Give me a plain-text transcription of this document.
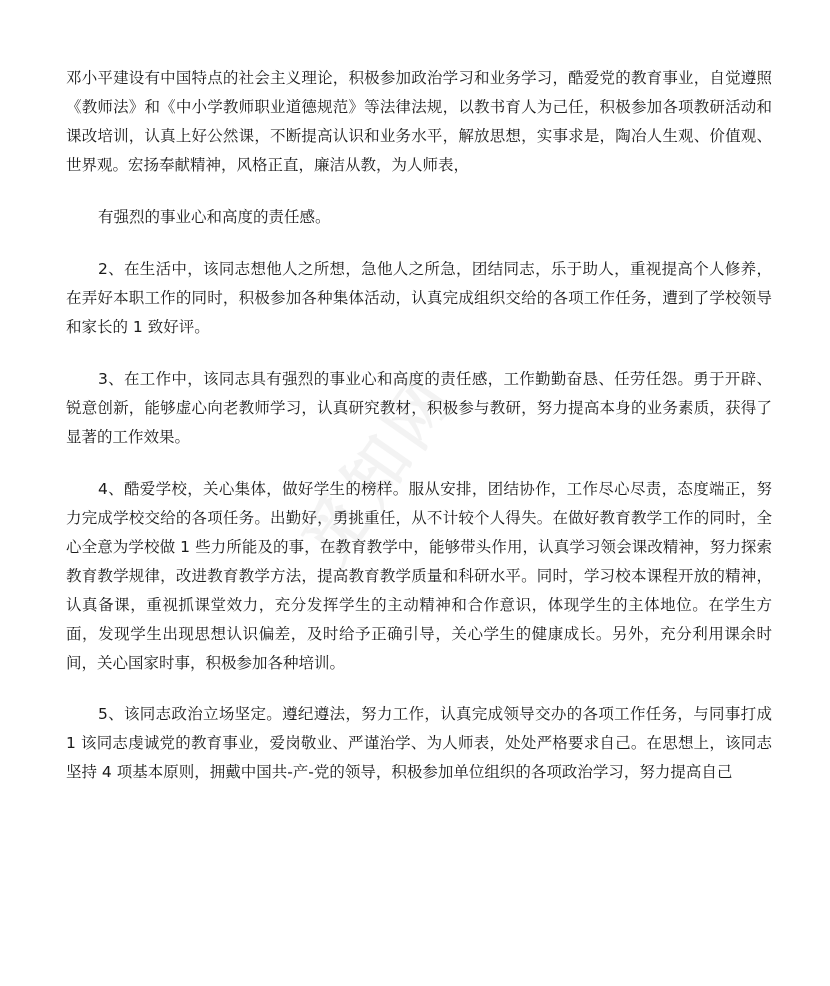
邓小平建设有中国特点的社会主义理论，积极参加政治学习和业务学习，酷爱党的教育事业，自觉遵照《教师法》和《中小学教师职业道德规范》等法律法规，以教书育人为己任，积极参加各项教研活动和课改培训，认真上好公然课，不断提高认识和业务水平，解放思想，实事求是，陶冶人生观、价值观、世界观。宏扬奉献精神，风格正直，廉洁从教，为人师表，

有强烈的事业心和高度的责任感。

2、在生活中，该同志想他人之所想，急他人之所急，团结同志，乐于助人，重视提高个人修养，在弄好本职工作的同时，积极参加各种集体活动，认真完成组织交给的各项工作任务，遭到了学校领导和家长的 1 致好评。

3、在工作中，该同志具有强烈的事业心和高度的责任感，工作勤勤奋恳、任劳任怨。勇于开辟、锐意创新，能够虚心向老教师学习，认真研究教材，积极参与教研，努力提高本身的业务素质，获得了显著的工作效果。

4、酷爱学校，关心集体，做好学生的榜样。服从安排，团结协作，工作尽心尽责，态度端正，努力完成学校交给的各项任务。出勤好，勇挑重任，从不计较个人得失。在做好教育教学工作的同时，全心全意为学校做 1 些力所能及的事，在教育教学中，能够带头作用，认真学习领会课改精神，努力探索教育教学规律，改进教育教学方法，提高教育教学质量和科研水平。同时，学习校本课程开放的精神，认真备课，重视抓课堂效力，充分发挥学生的主动精神和合作意识，体现学生的主体地位。在学生方面，发现学生出现思想认识偏差，及时给予正确引导，关心学生的健康成长。另外，充分利用课余时间，关心国家时事，积极参加各种培训。

5、该同志政治立场坚定。遵纪遵法，努力工作，认真完成领导交办的各项工作任务，与同事打成 1 该同志虔诚党的教育事业，爱岗敬业、严谨治学、为人师表，处处严格要求自己。在思想上，该同志坚持 4 项基本原则，拥戴中国共-产-党的领导，积极参加单位组织的各项政治学习，努力提高自己
